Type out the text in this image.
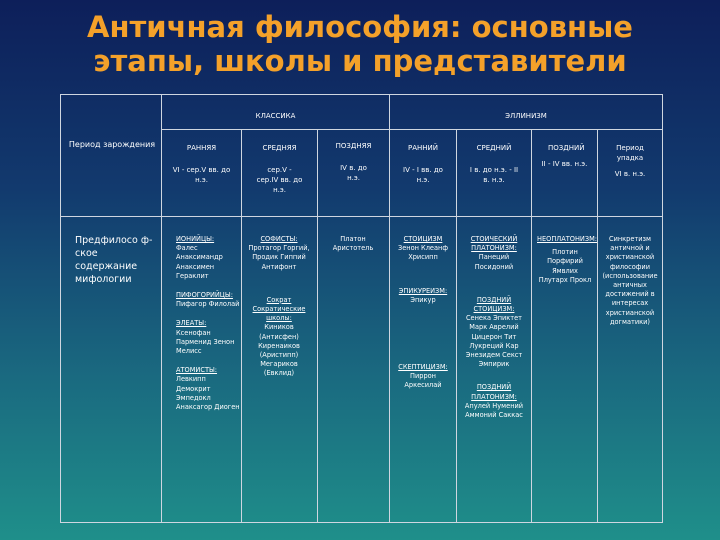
Античная философия: основные
этапы, школы и представители
КЛАССИКА	ЭЛЛИНИЗМ
Период зарождения	РАННЯЯ
VI - сер.V вв. до н.э.
СРЕДНЯЯ
сер.V - сер.IV вв. до н.э.
ПОЗДНЯЯ
IV в. до н.э.
РАННИЙ
IV - I вв. до н.э.
СРЕДНИЙ
I в. до н.э. - II в. н.э.
ПОЗДНИЙ
II - IV вв. н.э.
Период упадка
VI в. н.э.
Предфилосо ф-ское содержание мифологии
ИОНИЙЦЫ:
Фалес Анаксимандр Анаксимен Гераклит
ПИФОГОРИЙЦЫ:
Пифагор Филолай
ЭЛЕАТЫ:
Ксенофан Парменид Зенон Мелисс
АТОМИСТЫ:
Левкипп Демокрит Эмпедокл Анаксагор Диоген
СОФИСТЫ:
Протагор Горгий, Продик Гиппий Антифонт
Сократ
Сократические школы:
Киников (Антисфен) Киренаиков (Аристипп) Мегариков (Евклид)
Платон Аристотель
СТОИЦИЗМ
Зенон Клеанф Хрисипп
ЭПИКУРЕИЗМ:
Эпикур
СКЕПТИЦИЗМ:
Пиррон Аркесилай
СТОИЧЕСКИЙ ПЛАТОНИЗМ:
Панеций Посидоний
ПОЗДНИЙ СТОИЦИЗМ:
Сенека Эпиктет Марк Аврелий Цицерон Тит Лукреций Кар Энезидем Секст Эмпирик
ПОЗДНИЙ ПЛАТОНИЗМ:
Апулей Нумений Аммоний Саккас
НЕОПЛАТОНИЗМ:
Плотин Порфирий Ямвлих Плутарх Прокл
Синкретизм античной и христианской философии (использование античных достижений в интересах христианской догматики)
